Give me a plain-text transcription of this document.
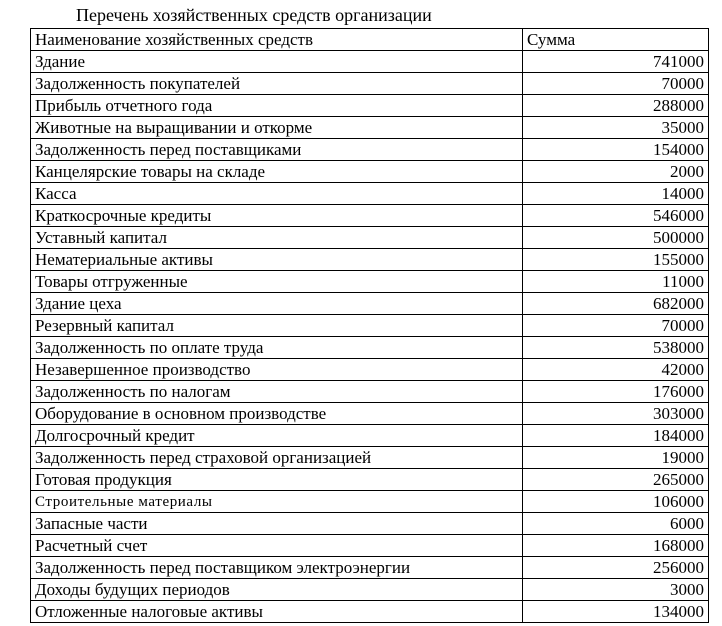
Перечень хозяйственных средств организации
Наименование хозяйственных средств	Сумма
Здание	741000
Задолженность покупателей	70000
Прибыль отчетного года	288000
Животные на выращивании и откорме	35000
Задолженность перед поставщиками	154000
Канцелярские товары на складе	2000
Касса	14000
Краткосрочные кредиты	546000
Уставный капитал	500000
Нематериальные активы	155000
Товары отгруженные	11000
Здание цеха	682000
Резервный капитал	70000
Задолженность по оплате труда	538000
Незавершенное производство	42000
Задолженность по налогам	176000
Оборудование в основном производстве	303000
Долгосрочный кредит	184000
Задолженность перед страховой организацией	19000
Готовая продукция	265000
Строительные материалы	106000
Запасные части	6000
Расчетный счет	168000
Задолженность перед поставщиком электроэнергии	256000
Доходы будущих периодов	3000
Отложенные налоговые активы	134000
